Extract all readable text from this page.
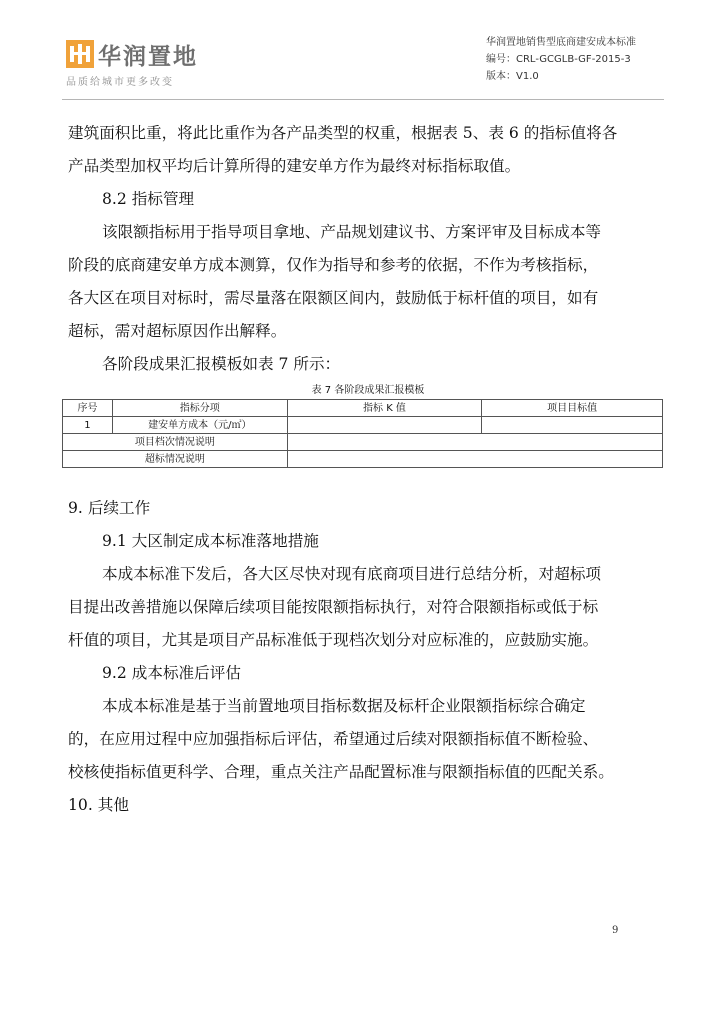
华润置地
品质给城市更多改变
华润置地销售型底商建安成本标准
编号：CRL-GCGLB-GF-2015-3
版本：V1.0

建筑面积比重，将此比重作为各产品类型的权重，根据表 5、表 6 的指标值将各

产品类型加权平均后计算所得的建安单方作为最终对标指标取值。

8.2 指标管理

该限额指标用于指导项目拿地、产品规划建议书、方案评审及目标成本等

阶段的底商建安单方成本测算，仅作为指导和参考的依据，不作为考核指标，

各大区在项目对标时，需尽量落在限额区间内，鼓励低于标杆值的项目，如有

超标，需对超标原因作出解释。

各阶段成果汇报模板如表 7 所示：

表 7 各阶段成果汇报模板
序号	指标分项	指标 K 值	项目目标值
1	建安单方成本（元/㎡）		
项目档次情况说明			
超标情况说明			

9. 后续工作

9.1 大区制定成本标准落地措施

本成本标准下发后，各大区尽快对现有底商项目进行总结分析，对超标项

目提出改善措施以保障后续项目能按限额指标执行，对符合限额指标或低于标

杆值的项目，尤其是项目产品标准低于现档次划分对应标准的，应鼓励实施。

9.2 成本标准后评估

本成本标准是基于当前置地项目指标数据及标杆企业限额指标综合确定

的，在应用过程中应加强指标后评估，希望通过后续对限额指标值不断检验、

校核使指标值更科学、合理，重点关注产品配置标准与限额指标值的匹配关系。

10. 其他

9
